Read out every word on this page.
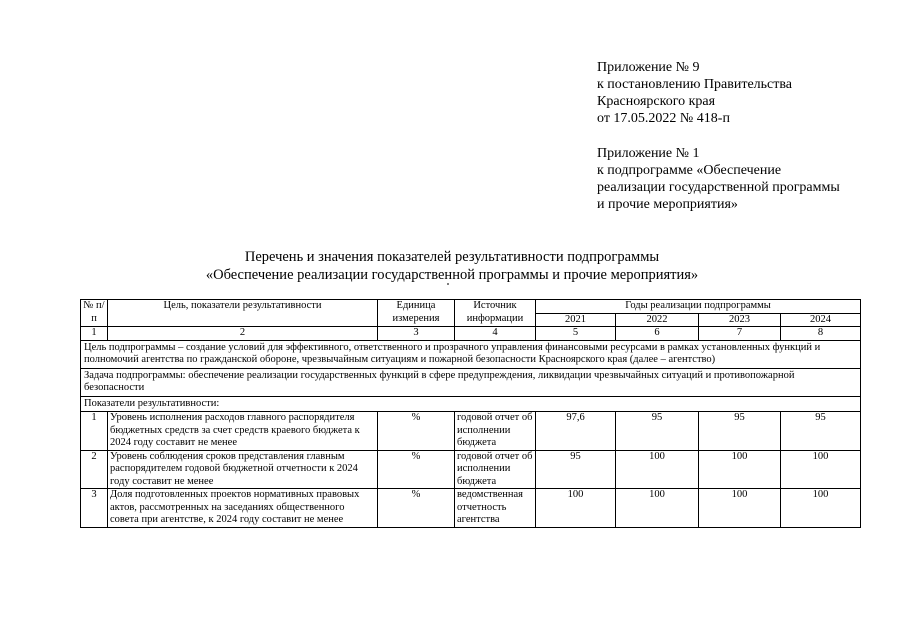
Приложение № 9
к постановлению Правительства
Красноярского края
от 17.05.2022 № 418-п
Приложение № 1
к подпрограмме «Обеспечение
реализации государственной программы
и прочие мероприятия»
Перечень и значения показателей результативности подпрограммы
«Обеспечение реализации государственной программы и прочие мероприятия»
№ п/п	Цель, показатели результативности	Единица измерения	Источник информации	Годы реализации подпрограммы			
				2021	2022	2023	2024
1	2	3	4	5	6	7	8
Цель подпрограммы – создание условий для эффективного, ответственного и прозрачного управления финансовыми ресурсами в рамках установленных функций и полномочий агентства по гражданской обороне, чрезвычайным ситуациям и пожарной безопасности Красноярского края (далее – агентство)							
Задача подпрограммы: обеспечение реализации государственных функций в сфере предупреждения, ликвидации чрезвычайных ситуаций и противопожарной безопасности							
Показатели результативности:							
1	Уровень исполнения расходов главного распорядителя бюджетных средств за счет средств краевого бюджета к 2024 году составит не менее	%	годовой отчет об исполнении бюджета	97,6	95	95	95
2	Уровень соблюдения сроков представления главным распорядителем годовой бюджетной отчетности к 2024 году составит не менее	%	годовой отчет об исполнении бюджета	95	100	100	100
3	Доля подготовленных проектов нормативных правовых актов, рассмотренных на заседаниях общественного совета при агентстве, к 2024 году составит не менее	%	ведомственная отчетность агентства	100	100	100	100
